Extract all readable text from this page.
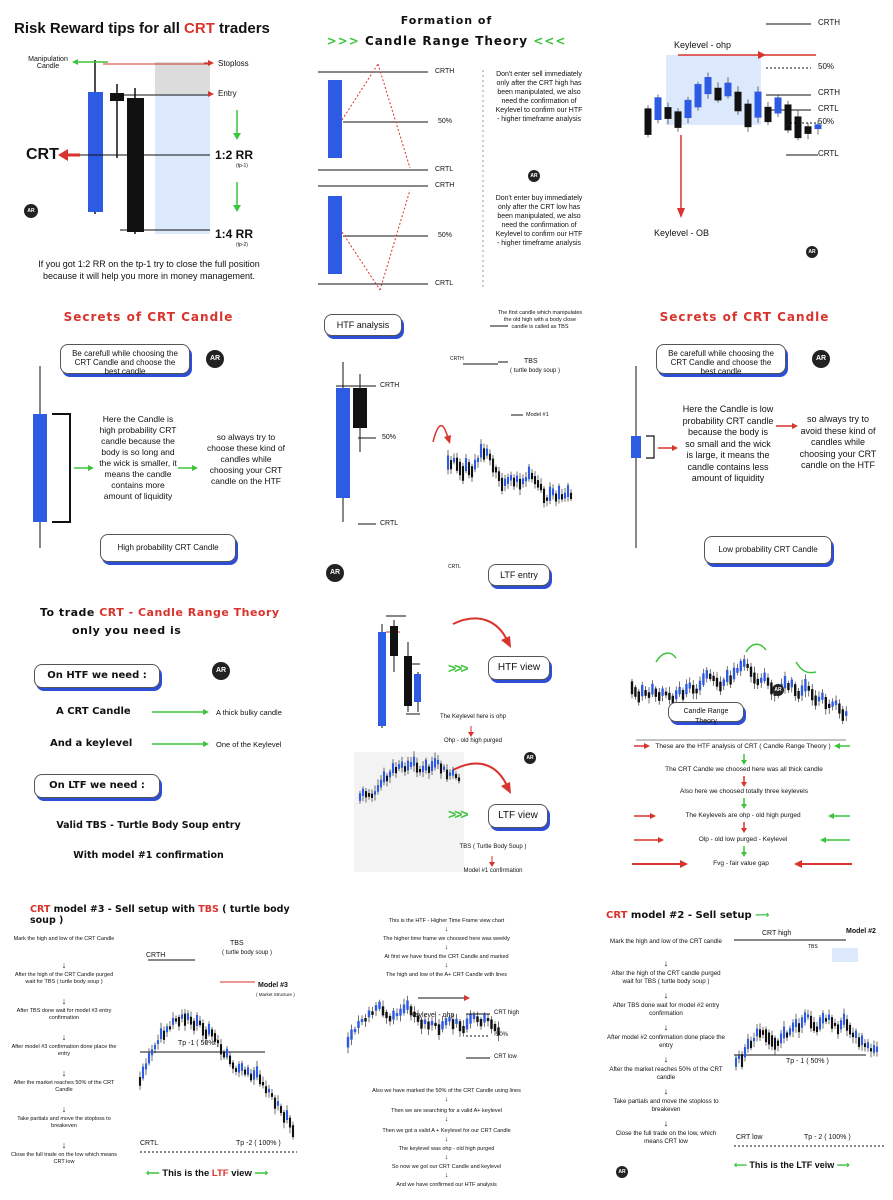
Risk Reward tips for all CRT traders
Manipulation
Candle	Stoploss
Entry
CRT	1:2 RR
(tp-1)
1:4 RR
(tp-2)
AR
If you got 1:2 RR on the tp-1 try to close the full position because it will help you more in money management.
Formation of
>>> Candle Range Theory <<<
CRTH
50%
CRTL
CRTH
50%
CRTL
Don't enter sell immediately only after the CRT high has been manipulated, we also need the confirmation of Keylevel to confirm our HTF - higher timeframe analysis
AR
Don't enter buy immediately only after the CRT low has been manipulated, we also need the confirmation of Keylevel to confirm our HTF - higher timeframe analysis
Keylevel - ohp
CRTH
50%
CRTH
CRTL
50%
CRTL
Keylevel - OB
AR
Secrets of CRT Candle
Be carefull while choosing the CRT Candle and choose the best candle
AR
Here the Candle is high probability CRT candle because the body is so long and the wick is smaller, it means the candle contains more amount of liquidity
so always try to choose these kind of candles while choosing your CRT candle on the HTF
High probability CRT Candle
HTF analysis
The first candle which manipulates the old high with a body close candle is called as TBS
CRTH
50%
CRTL
CRTH	TBS
( turtle body soup )
Model #1
CRTL
AR	LTF entry
Secrets of CRT Candle
Be carefull while choosing the CRT Candle and choose the best candle
AR
Here the Candle is low probability CRT candle because the body is so small and the wick is large, it means the candle contains less amount of liquidity
so always try to avoid these kind of candles while choosing your CRT candle on the HTF
Low probability CRT Candle
To trade CRT - Candle Range Theory
only you need is
On HTF we need :	AR
A CRT Candle	A thick bulky candle
And a keylevel	One of the Keylevel
On LTF we need :
Valid TBS - Turtle Body Soup entry
With model #1 confirmation
>>>	HTF view
The Keylevel here is ohp
Ohp - old high purged
AR
>>>	LTF view
TBS ( Turtle Body Soup )
Model #1 confirmation
Candle Range Theory
AR
These are the HTF analysis of CRT ( Candle Range Theory )
The CRT Candle we choosed here was all thick candle
Also here we choosed totally three keylevels
The Keylevels are ohp - old high purged
Olp - old low purged - Keylevel
Fvg - fair value gap
CRT model #3 - Sell setup with TBS ( turtle body soup )
Mark the high and low of the CRT Candle
↓
After the high of the CRT Candle purged wait for TBS ( turtle body soup )
↓
After TBS done wait for model #3 entry confirmation
↓
After model #3 confirmation done place the entry
↓
After the market reaches 50% of the CRT Candle
↓
Take partials and move the stoploss to breakeven
↓
Close the full trade on the low which means CRT low
CRTH
TBS
( turtle body soup )
Model #3
( Market Structure )
Tp -1 ( 50% )
CRTL	Tp -2 ( 100% )
⟵ This is the LTF view ⟶
This is the HTF - Higher Time Frame view chart
↓
The higher time frame we choosed here was weekly
↓
At first we have found the CRT Candle and marked
↓
The high and low of the A+ CRT Candle with lines
Also we have marked the 50% of the CRT Candle using lines
↓
Then we are searching for a valid A+ keylevel
↓
Then we got a valid A + Keylevel for our CRT Candle
↓
The keylevel was ohp - old high purged
↓
So now we got our CRT Candle and keylevel
↓
And we have confirmed our HTF analysis
Keylevel - ohp	CRT high
50%
CRT low
CRT model #2 - Sell setup ⟶
Mark the high and low of the CRT candle
↓
After the high of the CRT candle purged wait for TBS ( turtle body soup )
↓
After TBS done wait for model #2 entry confirmation
↓
After model #2 confirmation done place the entry
↓
After the market reaches 50% of the CRT candle
↓
Take partials and move the stoploss to breakeven
↓
Close the full trade on the low, which means CRT low
CRT high
TBS
Model #2
Tp - 1 ( 50% )
CRT low	Tp - 2 ( 100% )
AR
⟵ This is the LTF veiw ⟶
